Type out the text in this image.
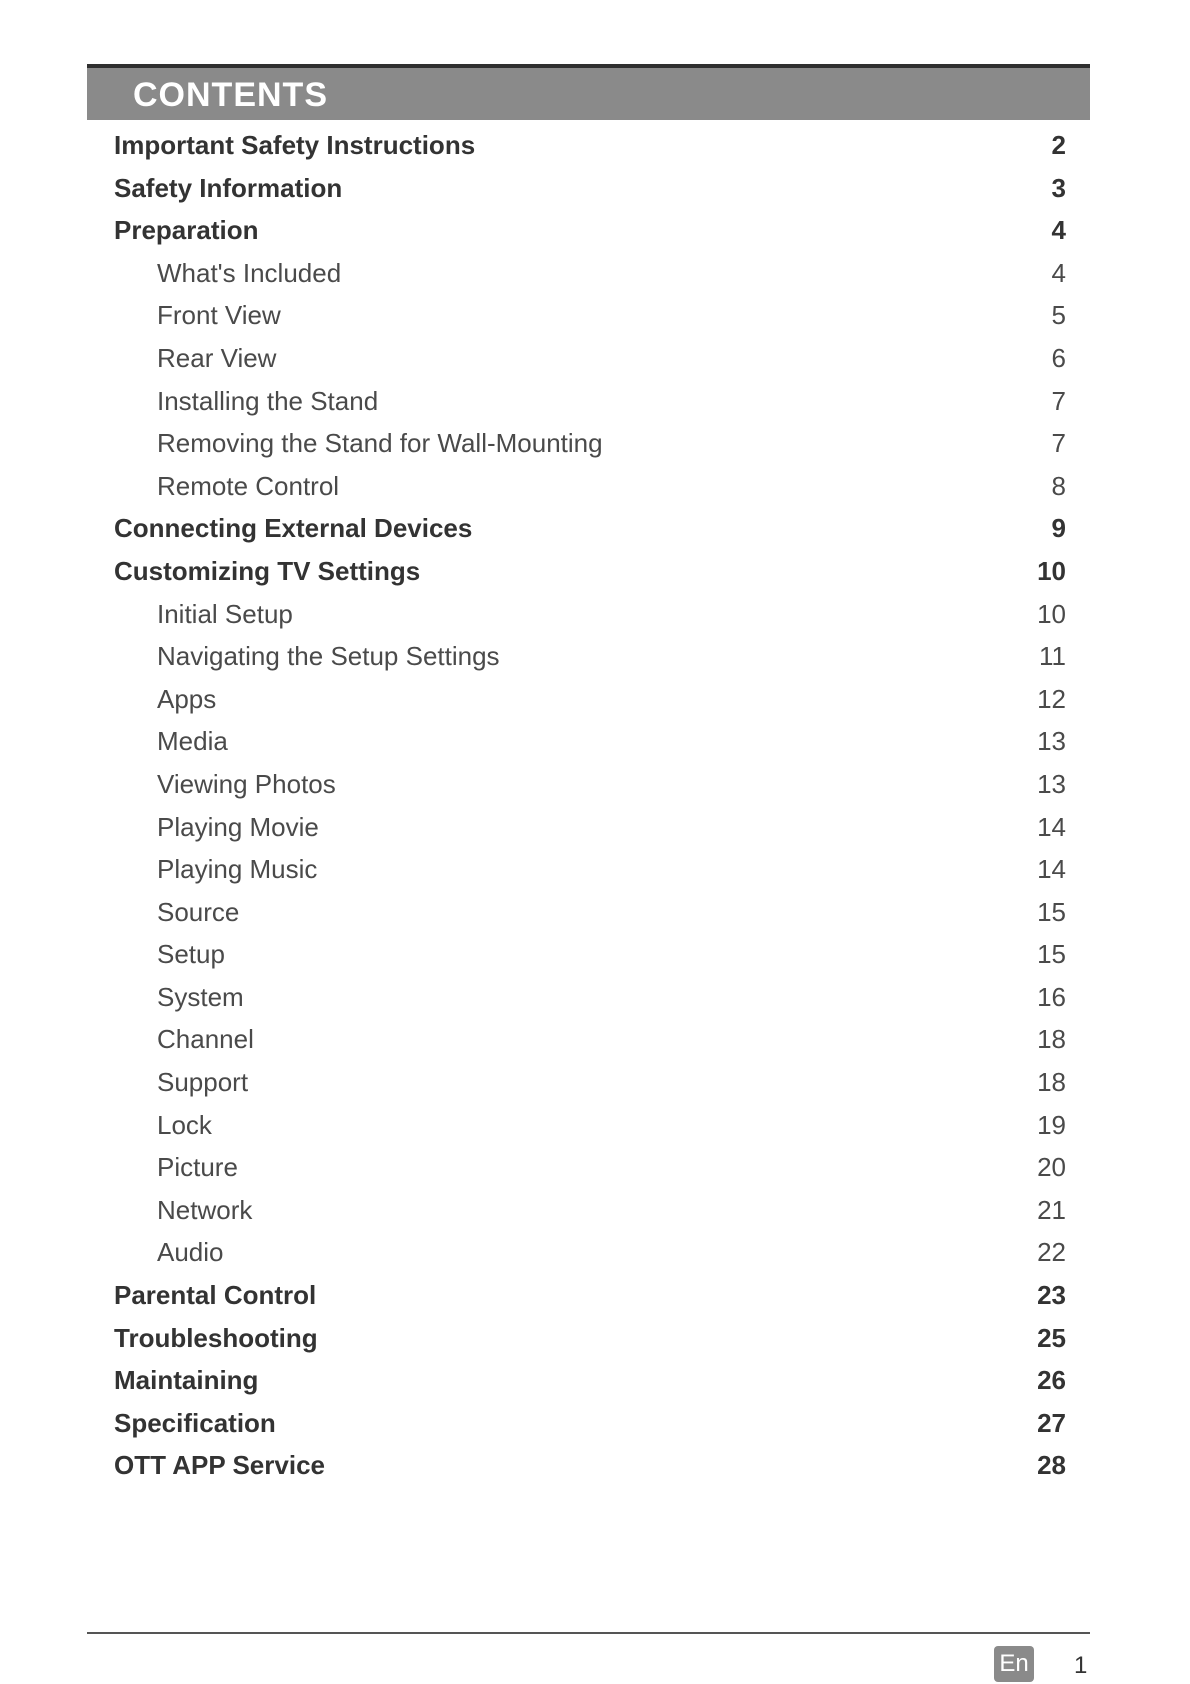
CONTENTS
Important Safety Instructions	2
Safety Information	3
Preparation	4
What's Included	4
Front View	5
Rear View	6
Installing the Stand	7
Removing the Stand for Wall-Mounting	7
Remote Control	8
Connecting External Devices	9
Customizing TV Settings	10
Initial Setup	10
Navigating the Setup Settings	11
Apps	12
Media	13
Viewing Photos	13
Playing Movie	14
Playing Music	14
Source	15
Setup	15
System	16
Channel	18
Support	18
Lock	19
Picture	20
Network	21
Audio	22
Parental Control	23
Troubleshooting	25
Maintaining	26
Specification	27
OTT APP Service	28
En 1
